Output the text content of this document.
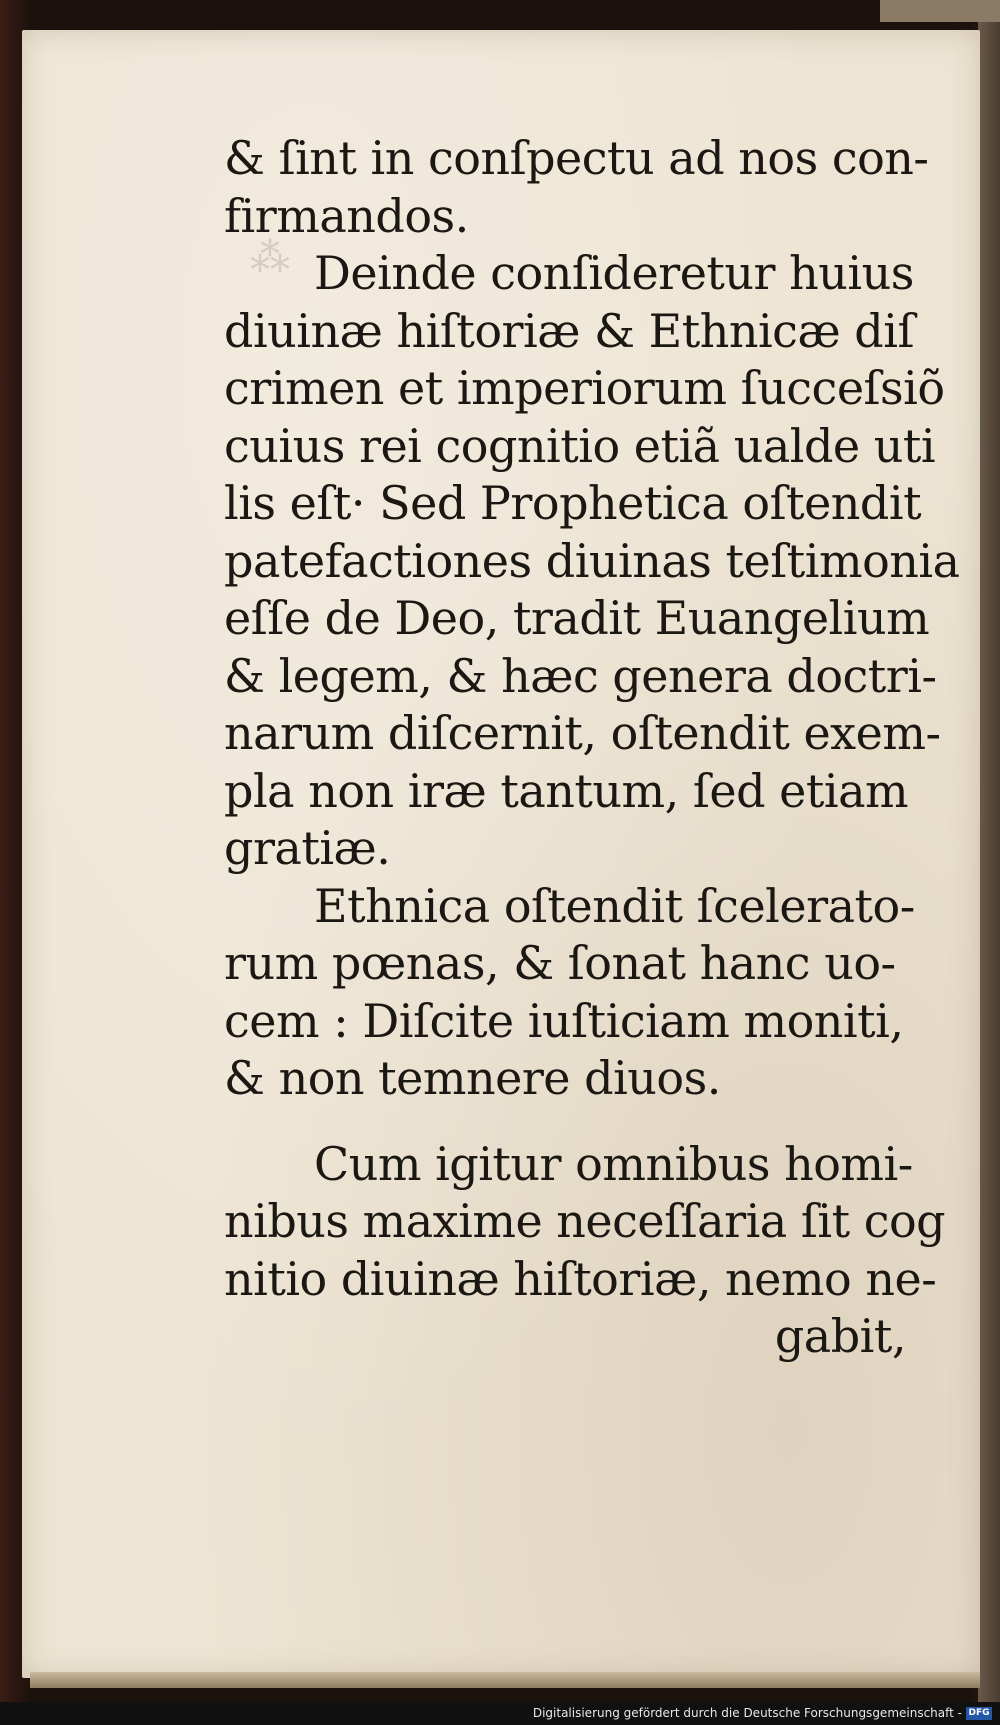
⁂
& ſint in conſpectu ad nos con-
firmandos.
Deinde conſideretur huius
diuinæ hiſtoriæ & Ethnicæ diſ
crimen et imperiorum ſucceſsiõ
cuius rei cognitio etiã ualde uti
lis eſt· Sed Prophetica oſtendit
patefactiones diuinas teſtimonia
eſſe de Deo, tradit Euangelium
& legem, & hæc genera doctri-
narum diſcernit, oſtendit exem-
pla non iræ tantum, ſed etiam
gratiæ.
Ethnica oſtendit ſcelerato-
rum pœnas, & ſonat hanc uo-
cem : Diſcite iuſticiam moniti,
& non temnere diuos.
Cum igitur omnibus homi-
nibus maxime neceſſaria ſit cog
nitio diuinæ hiſtoriæ, nemo ne-
gabit,
Digitalisierung gefördert durch die Deutsche Forschungsgemeinschaft - DFG
